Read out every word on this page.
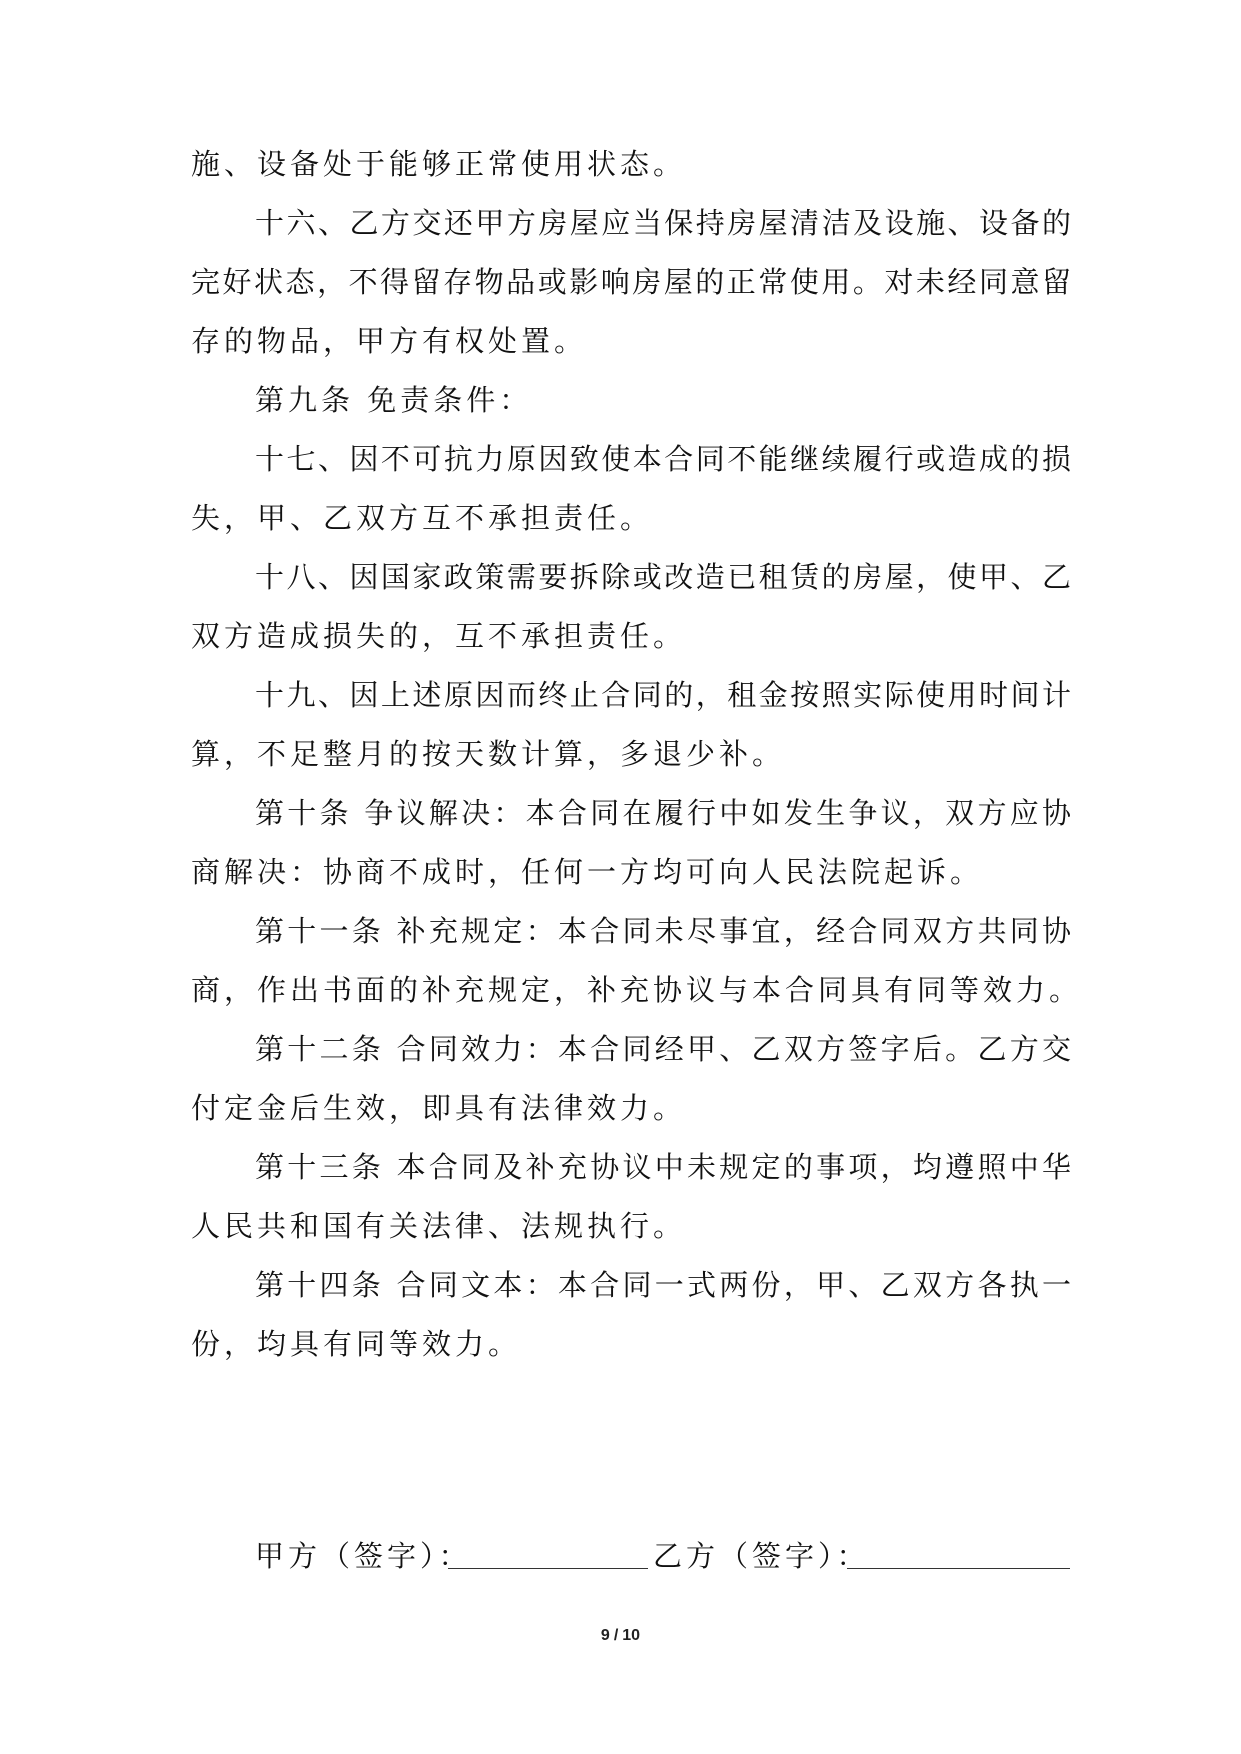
施、设备处于能够正常使用状态。
十六、乙方交还甲方房屋应当保持房屋清洁及设施、设备的
完好状态，不得留存物品或影响房屋的正常使用。对未经同意留
存的物品，甲方有权处置。
第九条 免责条件：
十七、因不可抗力原因致使本合同不能继续履行或造成的损
失，甲、乙双方互不承担责任。
十八、因国家政策需要拆除或改造已租赁的房屋，使甲、乙
双方造成损失的，互不承担责任。
十九、因上述原因而终止合同的，租金按照实际使用时间计
算，不足整月的按天数计算，多退少补。
第十条 争议解决：本合同在履行中如发生争议，双方应协
商解决：协商不成时，任何一方均可向人民法院起诉。
第十一条 补充规定：本合同未尽事宜，经合同双方共同协
商，作出书面的补充规定，补充协议与本合同具有同等效力。
第十二条 合同效力：本合同经甲、乙双方签字后。乙方交
付定金后生效，即具有法律效力。
第十三条 本合同及补充协议中未规定的事项，均遵照中华
人民共和国有关法律、法规执行。
第十四条 合同文本：本合同一式两份，甲、乙双方各执一
份，均具有同等效力。
甲方（签字）：	乙方（签字）：
9 / 10
